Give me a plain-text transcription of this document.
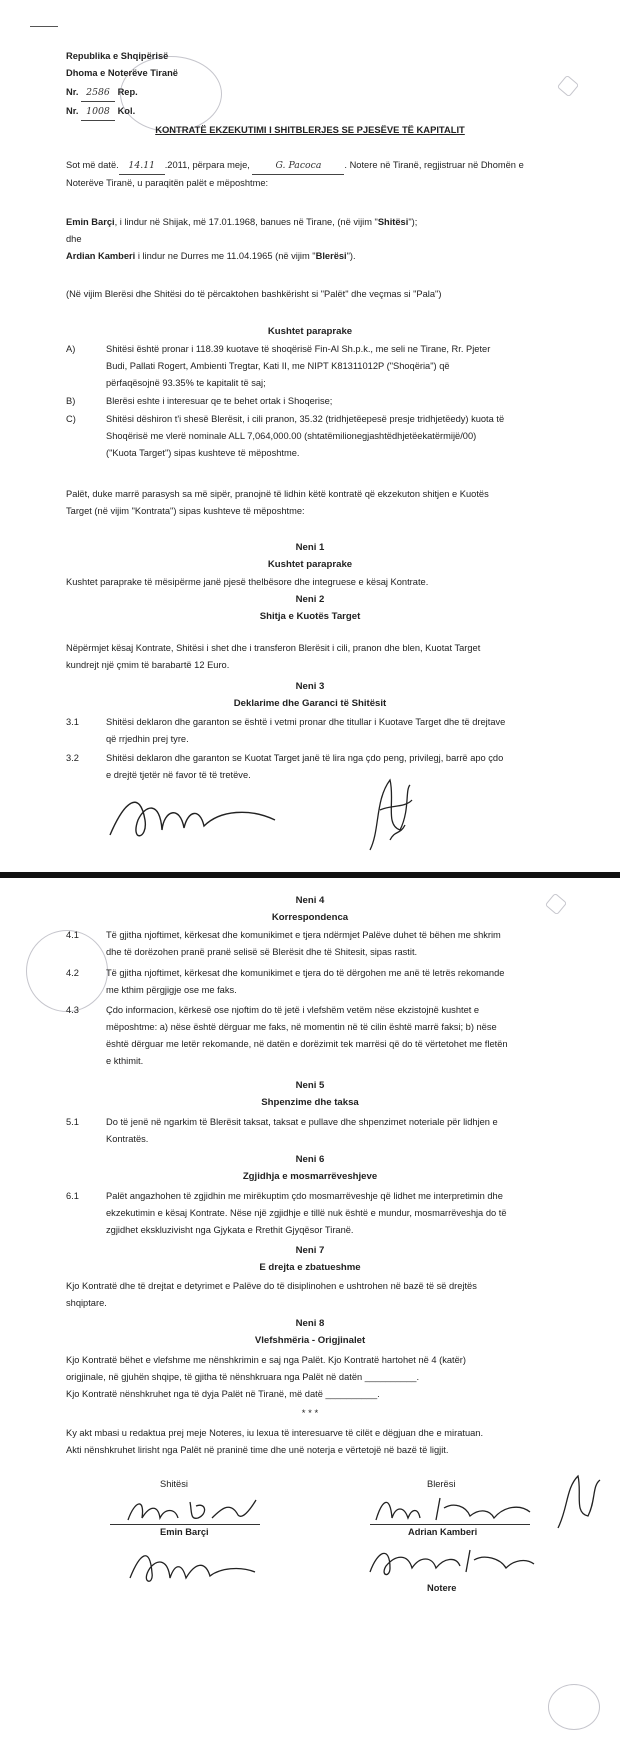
Republika e Shqipërisë
Dhoma e Noterëve Tiranë
Nr. 2586 Rep.
Nr. 1008 Kol.
KONTRATË EKZEKUTIMI I SHITBLERJES SE PJESËVE TË KAPITALIT
Sot më datë. 14.11 .2011, përpara meje,	G. Pacoca . Notere në Tiranë, regjistruar në Dhomën e
Noterëve Tiranë, u paraqitën palët e mëposhtme:
Emin Barçi, i lindur në Shijak, më 17.01.1968, banues në Tirane, (në vijim "Shitësi");
dhe
Ardian Kamberi i lindur ne Durres me 11.04.1965 (në vijim "Blerësi").
(Në vijim Blerësi dhe Shitësi do të përcaktohen bashkërisht si "Palët" dhe veçmas si "Pala")
Kushtet paraprake
A)	Shitësi është pronar i 118.39 kuotave të shoqërisë Fin-Al Sh.p.k., me seli ne Tirane, Rr. Pjeter
Budi, Pallati Rogert, Ambienti Tregtar, Kati II, me NIPT K81311012P ("Shoqëria") që
përfaqësojnë 93.35% te kapitalit të saj;
B)	Blerësi eshte i interesuar qe te behet ortak i Shoqerise;
C)	Shitësi dëshiron t'i shesë Blerësit, i cili pranon, 35.32 (tridhjetëepesë presje tridhjetëedy) kuota të
Shoqërisë me vlerë nominale ALL 7,064,000.00 (shtatëmilionegjashtëdhjetëekatërmijë/00)
("Kuota Target") sipas kushteve të mëposhtme.
Palët, duke marrë parasysh sa më sipër, pranojnë të lidhin këtë kontratë që ekzekuton shitjen e Kuotës
Target (në vijim "Kontrata") sipas kushteve të mëposhtme:
Neni 1
Kushtet paraprake
Kushtet paraprake të mësipërme janë pjesë thelbësore dhe integruese e kësaj Kontrate.
Neni 2
Shitja e Kuotës Target
Nëpërmjet kësaj Kontrate, Shitësi i shet dhe i transferon Blerësit i cili, pranon dhe blen, Kuotat Target
kundrejt një çmim të barabartë 12 Euro.
Neni 3
Deklarime dhe Garanci të Shitësit
3.1	Shitësi deklaron dhe garanton se është i vetmi pronar dhe titullar i Kuotave Target dhe të drejtave
që rrjedhin prej tyre.
3.2	Shitësi deklaron dhe garanton se Kuotat Target janë të lira nga çdo peng, privilegj, barrë apo çdo
e drejtë tjetër në favor të të tretëve.
Neni 4
Korrespondenca
4.1	Të gjitha njoftimet, kërkesat dhe komunikimet e tjera ndërmjet Palëve duhet të bëhen me shkrim
dhe të dorëzohen pranë pranë selisë së Blerësit dhe të Shitesit, sipas rastit.
4.2	Të gjitha njoftimet, kërkesat dhe komunikimet e tjera do të dërgohen me anë të letrës rekomande
me kthim përgjigje ose me faks.
4.3	Çdo informacion, kërkesë ose njoftim do të jetë i vlefshëm vetëm nëse ekzistojnë kushtet e
mëposhtme: a) nëse është dërguar me faks, në momentin në të cilin është marrë faksi; b) nëse
është dërguar me letër rekomande, në datën e dorëzimit tek marrësi që do të vërtetohet me fletën
e kthimit.
Neni 5
Shpenzime dhe taksa
5.1	Do të jenë në ngarkim të Blerësit taksat, taksat e pullave dhe shpenzimet noteriale për lidhjen e
Kontratës.
Neni 6
Zgjidhja e mosmarrëveshjeve
6.1	Palët angazhohen të zgjidhin me mirëkuptim çdo mosmarrëveshje që lidhet me interpretimin dhe
ekzekutimin e kësaj Kontrate. Nëse një zgjidhje e tillë nuk është e mundur, mosmarrëveshja do të
zgjidhet ekskluzivisht nga Gjykata e Rrethit Gjyqësor Tiranë.
Neni 7
E drejta e zbatueshme
Kjo Kontratë dhe të drejtat e detyrimet e Palëve do të disiplinohen e ushtrohen në bazë të së drejtës
shqiptare.
Neni 8
Vlefshmëria - Origjinalet
Kjo Kontratë bëhet e vlefshme me nënshkrimin e saj nga Palët. Kjo Kontratë hartohet në 4 (katër)
origjinale, në gjuhën shqipe, të gjitha të nënshkruara nga Palët në datën __________.
Kjo Kontratë nënshkruhet nga të dyja Palët në Tiranë, më datë __________.
* * *
Ky akt mbasi u redaktua prej meje Noteres, iu lexua të interesuarve të cilët e dëgjuan dhe e miratuan.
Akti nënshkruhet lirisht nga Palët në praninë time dhe unë noterja e vërtetojë në bazë të ligjit.
Shitësi	Blerësi
Emin Barçi	Adrian Kamberi
Notere
